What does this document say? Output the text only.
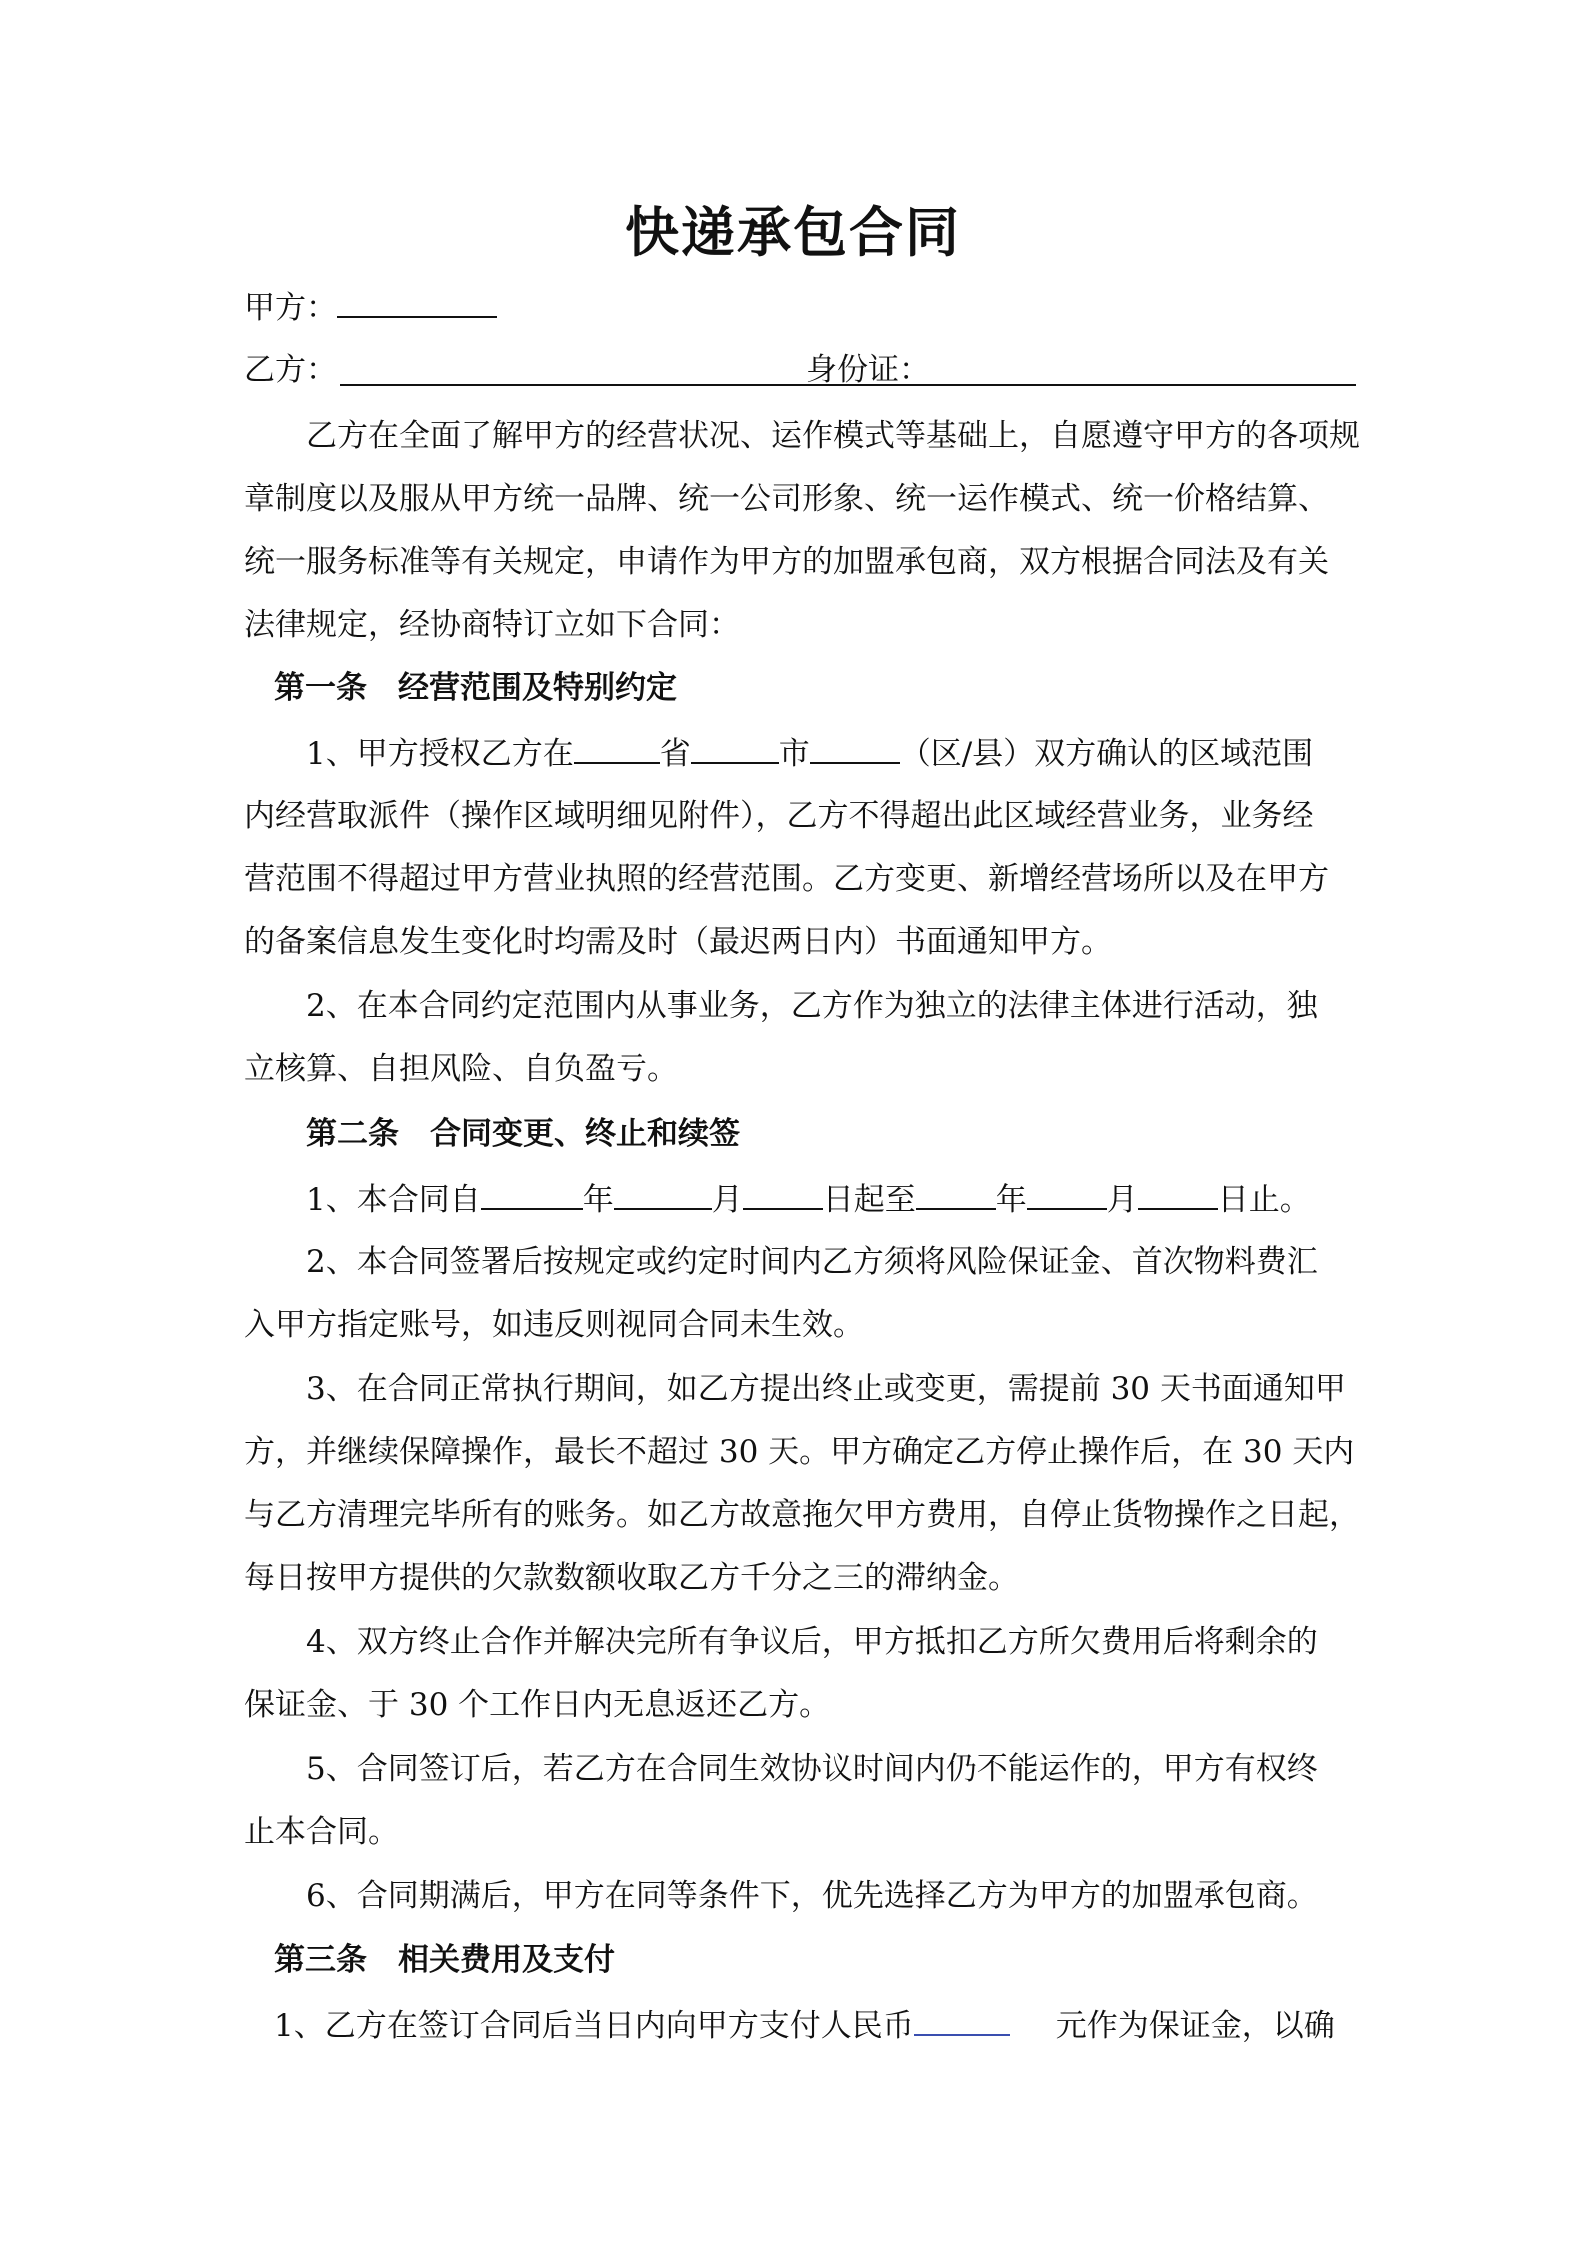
快递承包合同
甲方：
乙方：	身份证：
乙方在全面了解甲方的经营状况、运作模式等基础上，自愿遵守甲方的各项规
章制度以及服从甲方统一品牌、统一公司形象、统一运作模式、统一价格结算、
统一服务标准等有关规定，申请作为甲方的加盟承包商，双方根据合同法及有关
法律规定，经协商特订立如下合同：
第一条　经营范围及特别约定
1、甲方授权乙方在	省	市	（区/县）双方确认的区域范围
内经营取派件（操作区域明细见附件），乙方不得超出此区域经营业务，业务经
营范围不得超过甲方营业执照的经营范围。乙方变更、新增经营场所以及在甲方
的备案信息发生变化时均需及时（最迟两日内）书面通知甲方。
2、在本合同约定范围内从事业务，乙方作为独立的法律主体进行活动，独
立核算、自担风险、自负盈亏。
第二条　合同变更、终止和续签
1、本合同自	年	月	日起至	年	月	日止。
2、本合同签署后按规定或约定时间内乙方须将风险保证金、首次物料费汇
入甲方指定账号，如违反则视同合同未生效。
3、在合同正常执行期间，如乙方提出终止或变更，需提前 30 天书面通知甲
方，并继续保障操作，最长不超过 30 天。甲方确定乙方停止操作后，在 30 天内
与乙方清理完毕所有的账务。如乙方故意拖欠甲方费用，自停止货物操作之日起，
每日按甲方提供的欠款数额收取乙方千分之三的滞纳金。
4、双方终止合作并解决完所有争议后，甲方抵扣乙方所欠费用后将剩余的
保证金、于 30 个工作日内无息返还乙方。
5、合同签订后，若乙方在合同生效协议时间内仍不能运作的，甲方有权终
止本合同。
6、合同期满后，甲方在同等条件下，优先选择乙方为甲方的加盟承包商。
第三条　相关费用及支付
1、乙方在签订合同后当日内向甲方支付人民币	元作为保证金，以确
